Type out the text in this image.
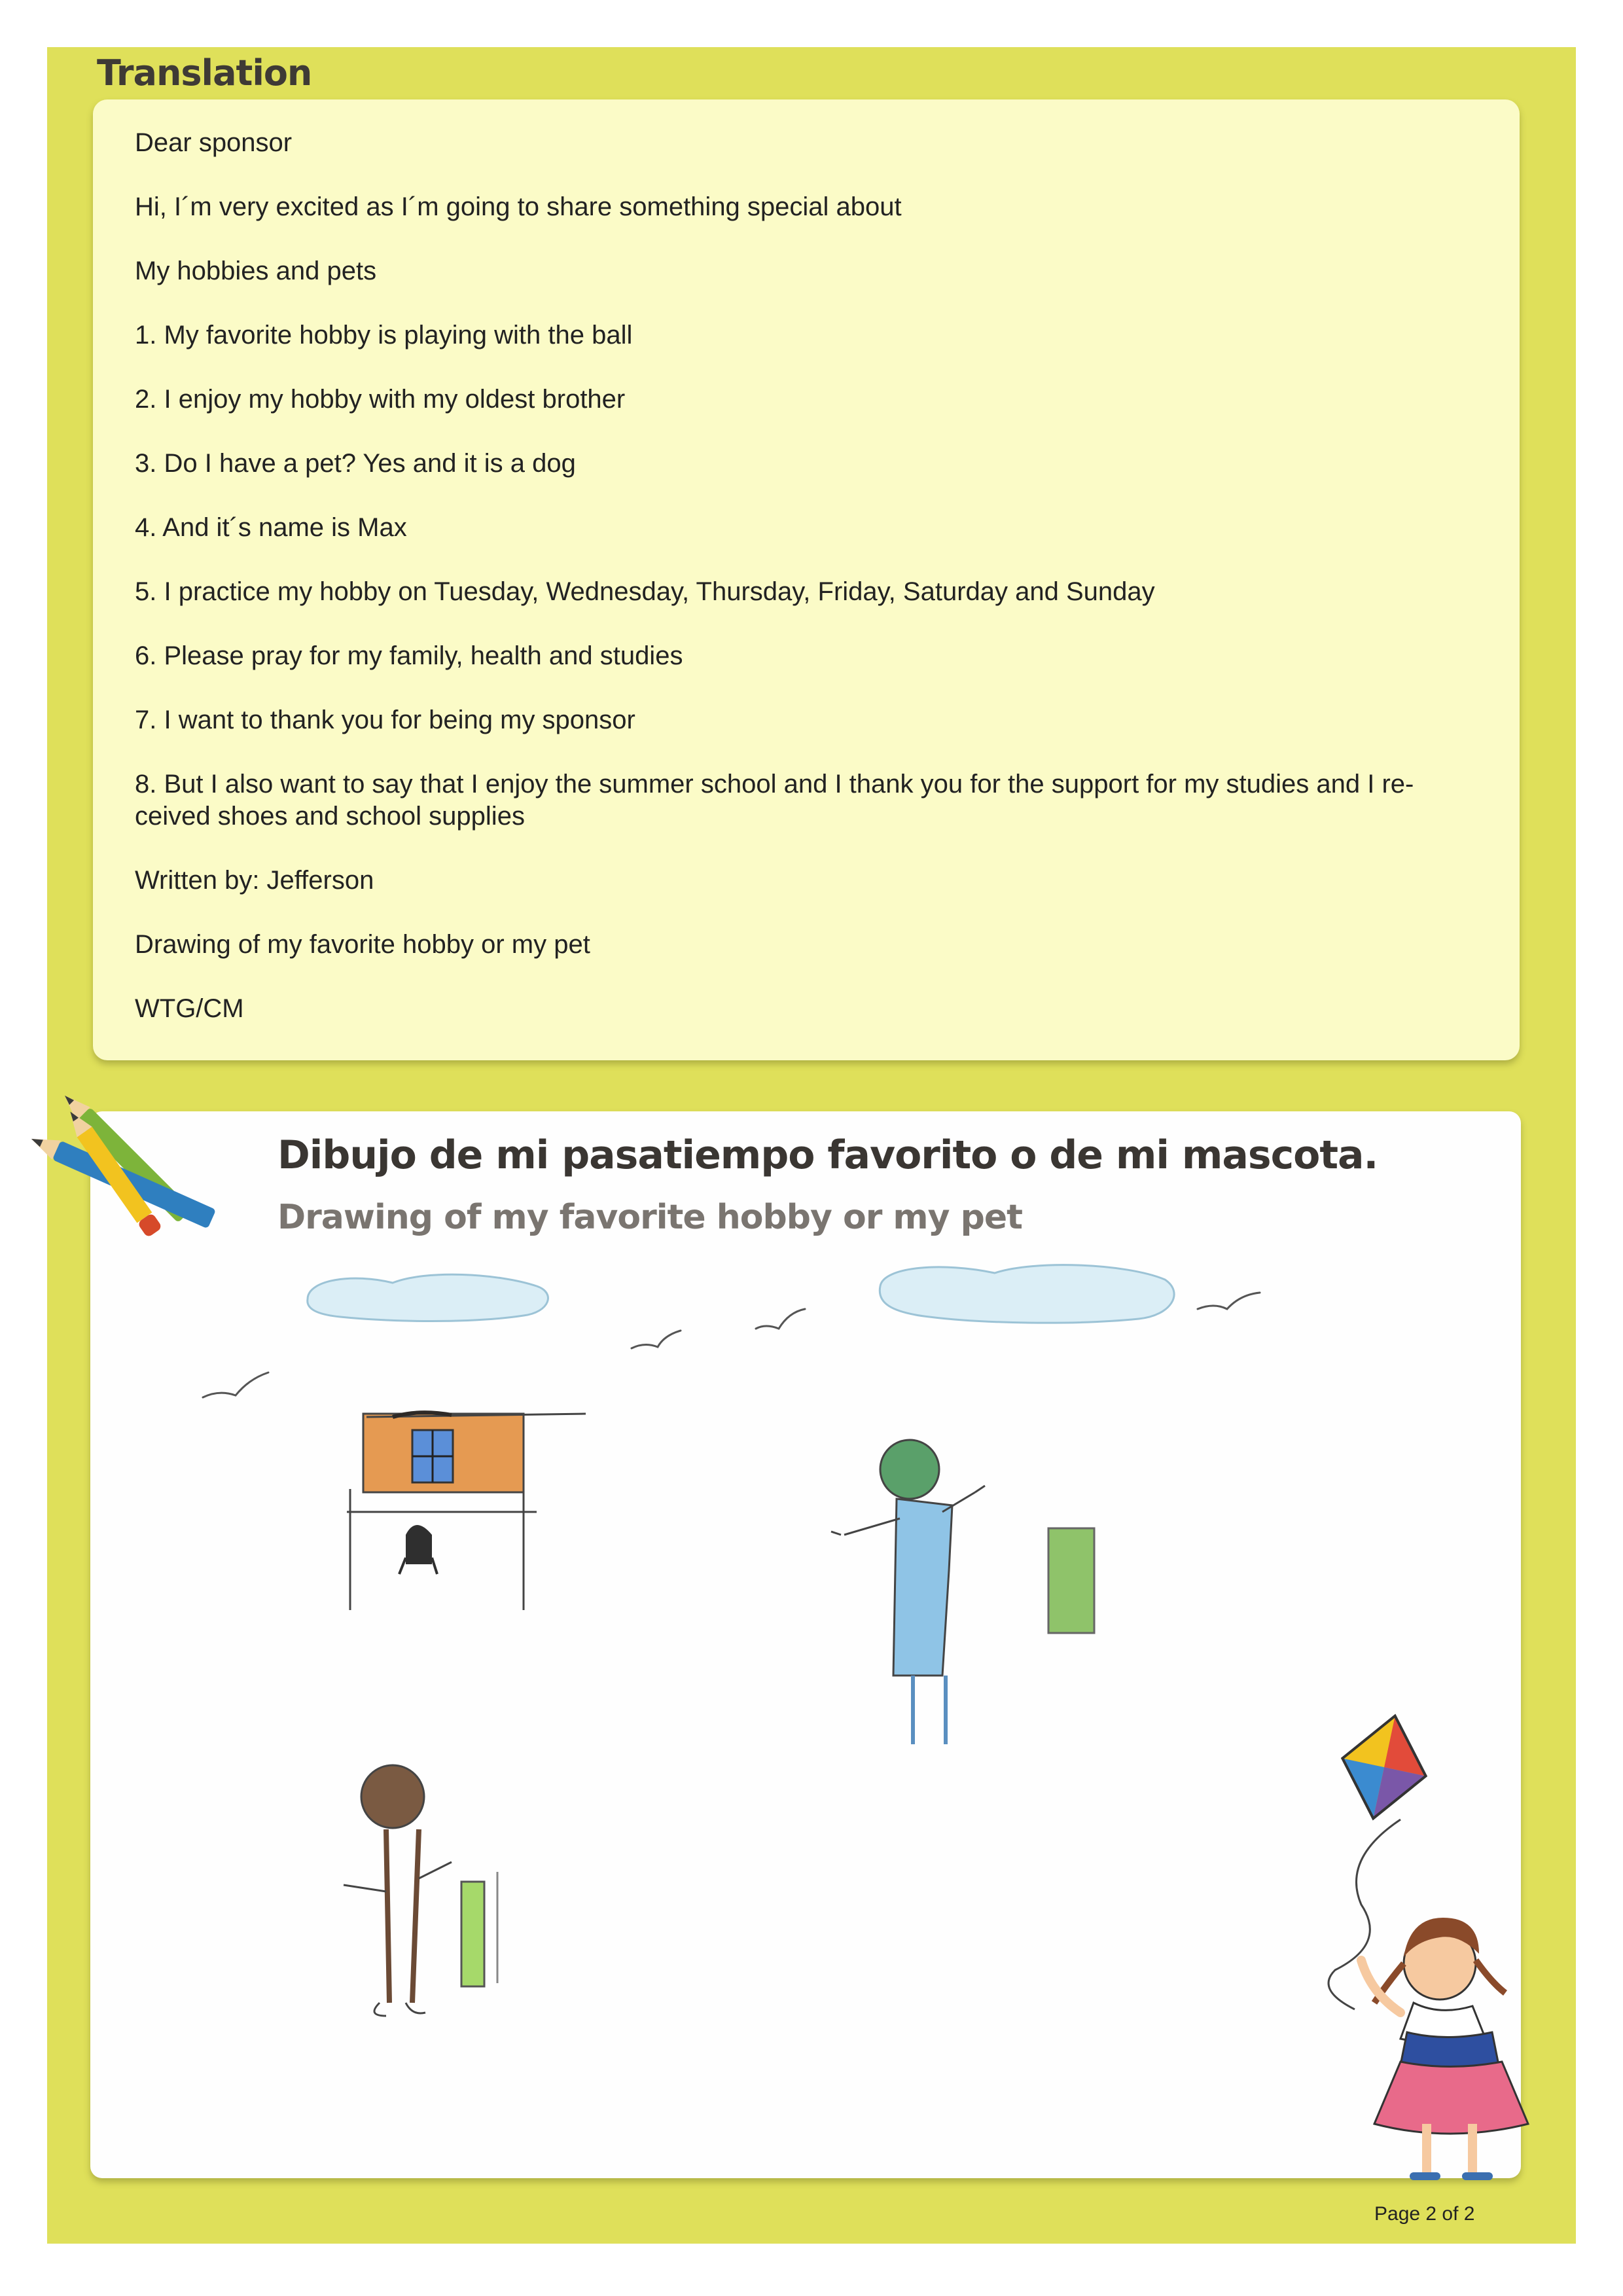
Translation

Dear sponsor

Hi, I´m very excited as I´m going to share something special about

My hobbies and pets

1. My favorite hobby is playing with the ball

2. I enjoy my hobby with my oldest brother

3. Do I have a pet? Yes and it is a dog

4. And it´s name is Max

5. I practice my hobby on Tuesday, Wednesday, Thursday, Friday, Saturday and Sunday

6. Please pray for my family, health and studies

7. I want to thank you for being my sponsor

8. But I also want to say that I enjoy the summer school and I thank you for the support for my studies and I re-
ceived shoes and school supplies

Written by: Jefferson

Drawing of my favorite hobby or my pet

WTG/CM

Dibujo de mi pasatiempo favorito o de mi mascota.
Drawing of my favorite hobby or my pet
Page 2 of 2
